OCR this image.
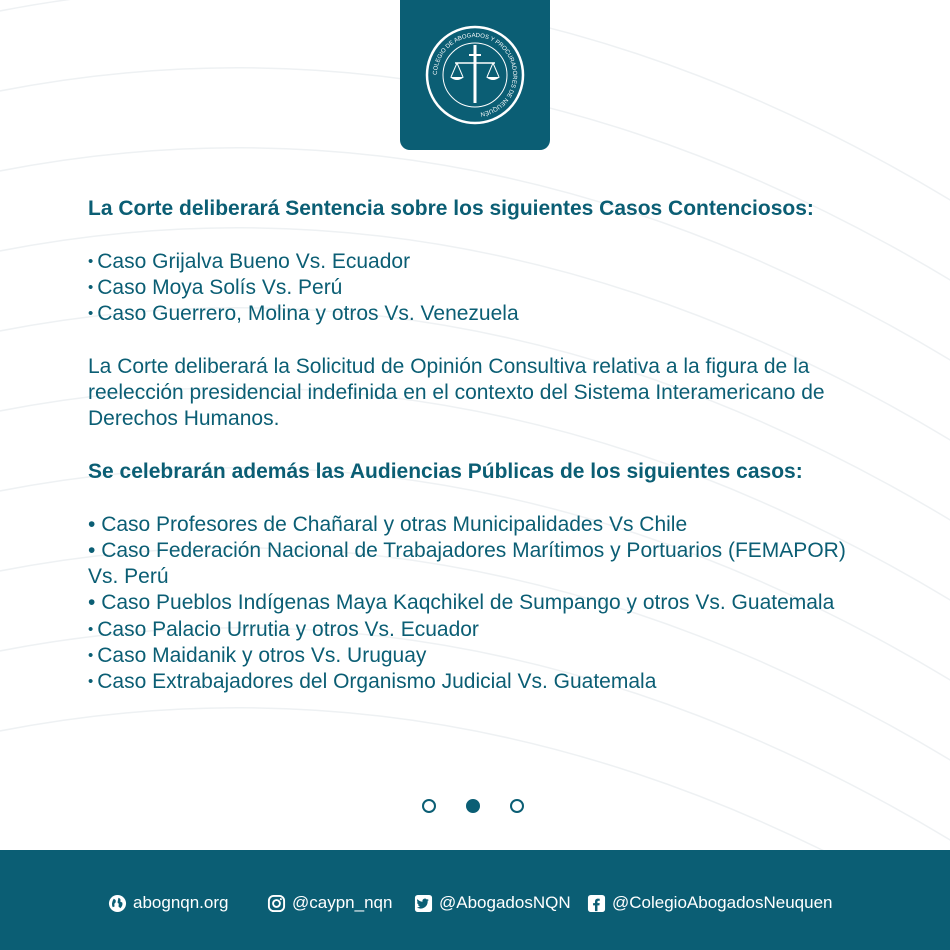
COLEGIO DE ABOGADOS Y PROCURADORES DE NEUQUÉN

La Corte deliberará Sentencia sobre los siguientes Casos Contenciosos:

• Caso Grijalva Bueno Vs. Ecuador

• Caso Moya Solís Vs. Perú

• Caso Guerrero, Molina y otros Vs. Venezuela

La Corte deliberará la Solicitud de Opinión Consultiva relativa a la figura de la reelección presidencial indefinida en el contexto del Sistema Interamericano de Derechos Humanos.

Se celebrarán además las Audiencias Públicas de los siguientes casos:

• Caso Profesores de Chañaral y otras Municipalidades Vs Chile

• Caso Federación Nacional de Trabajadores Marítimos y Portuarios (FEMAPOR) Vs. Perú

• Caso Pueblos Indígenas Maya Kaqchikel de Sumpango y otros Vs. Guatemala

• Caso Palacio Urrutia y otros Vs. Ecuador

• Caso Maidanik y otros Vs. Uruguay

• Caso Extrabajadores del Organismo Judicial Vs. Guatemala

abognqn.org	@caypn_nqn	@AbogadosNQN @ColegioAbogadosNeuquen
